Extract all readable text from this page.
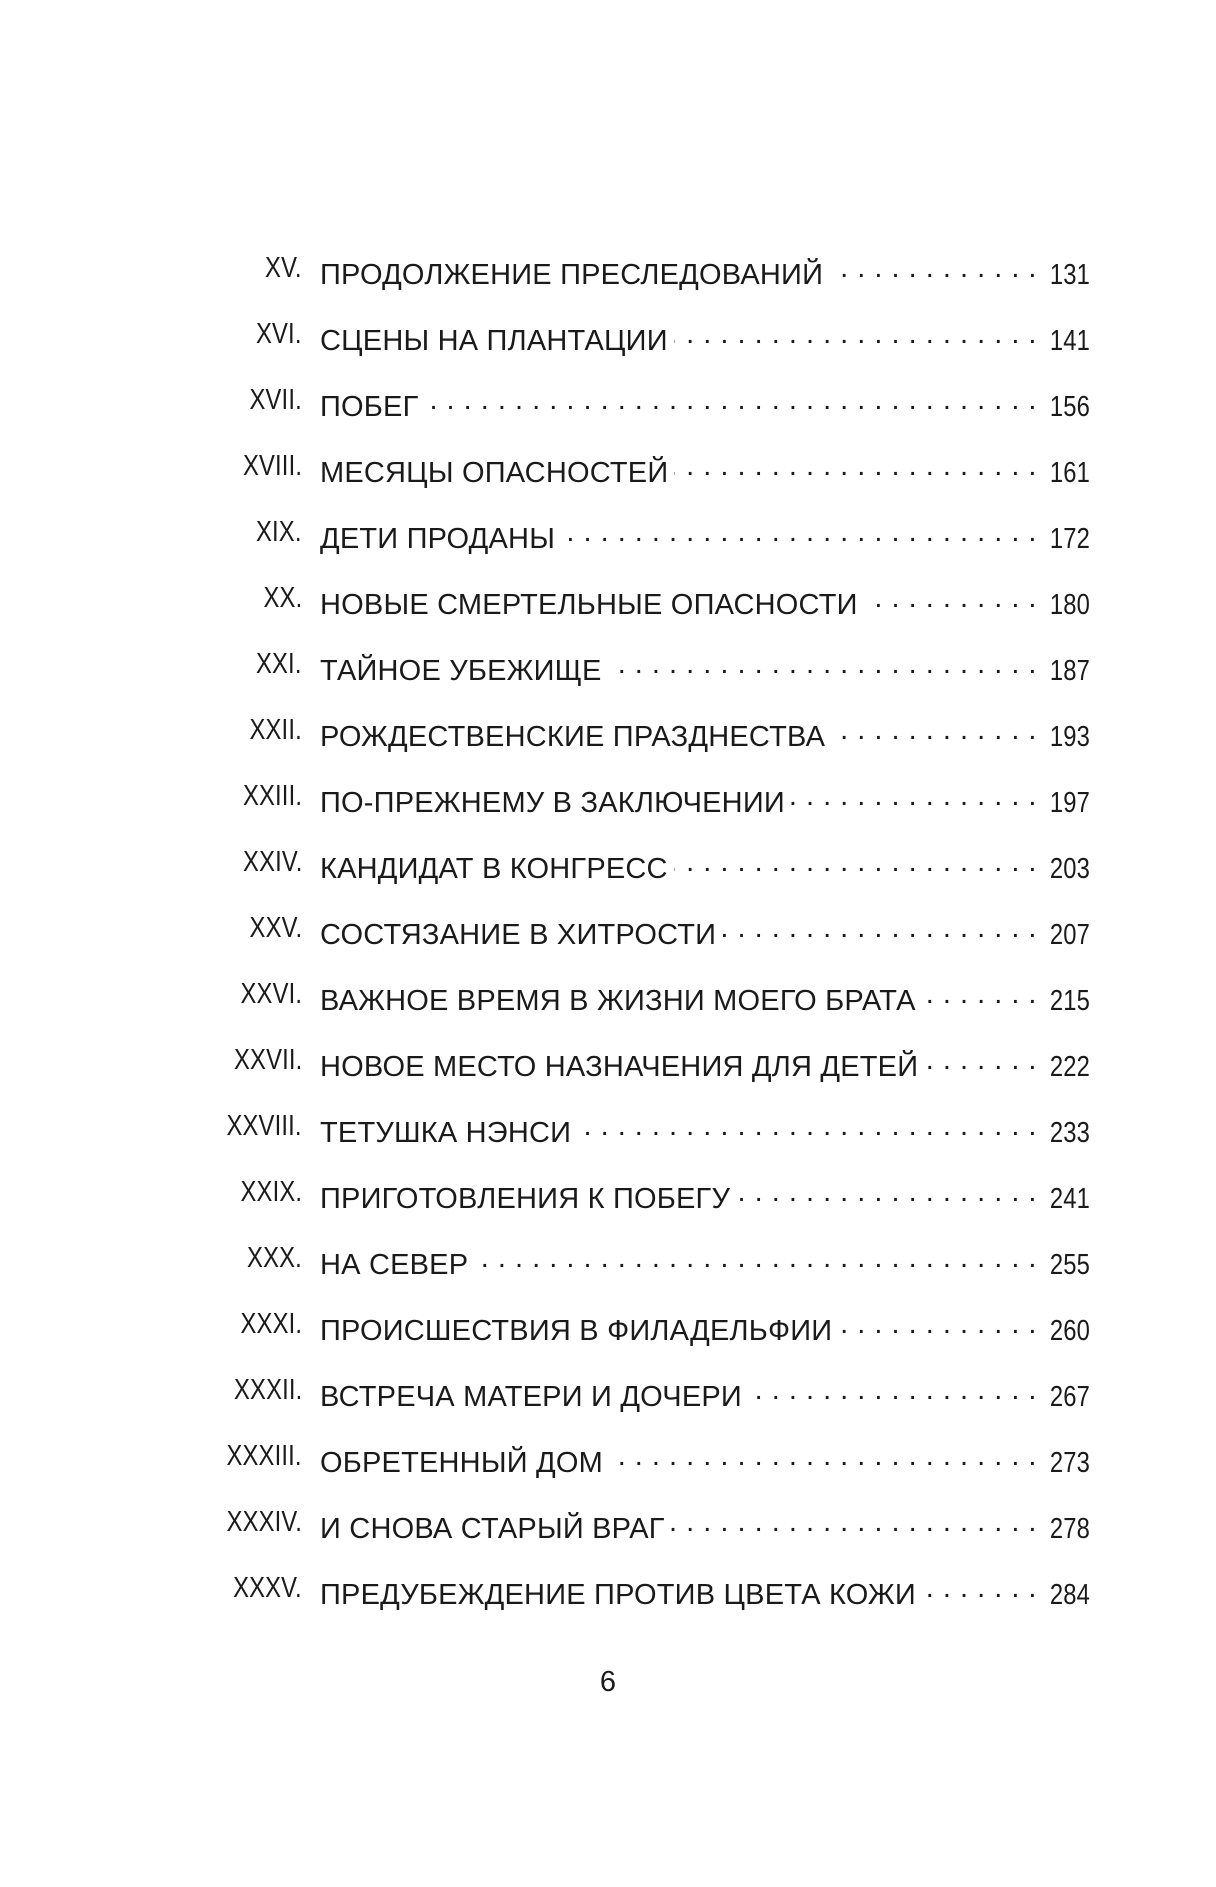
XV. ПРОДОЛЖЕНИЕ ПРЕСЛЕДОВАНИЙ . . .	131
XVI. СЦЕНЫ НА ПЛАНТАЦИИ . . .	141
XVII. ПОБЕГ . . .	156
XVIII. МЕСЯЦЫ ОПАСНОСТЕЙ . . .	161
XIX. ДЕТИ ПРОДАНЫ . . .	172
XX. НОВЫЕ СМЕРТЕЛЬНЫЕ ОПАСНОСТИ . . .	180
XXI. ТАЙНОЕ УБЕЖИЩЕ . . .	187
XXII. РОЖДЕСТВЕНСКИЕ ПРАЗДНЕСТВА . . .	193
XXIII. ПО-ПРЕЖНЕМУ В ЗАКЛЮЧЕНИИ . . .	197
XXIV. КАНДИДАТ В КОНГРЕСС . . .	203
XXV. СОСТЯЗАНИЕ В ХИТРОСТИ . . .	207
XXVI. ВАЖНОЕ ВРЕМЯ В ЖИЗНИ МОЕГО БРАТА . . .	215
XXVII. НОВОЕ МЕСТО НАЗНАЧЕНИЯ ДЛЯ ДЕТЕЙ . . .	222
XXVIII. ТЕТУШКА НЭНСИ . . .	233
XXIX. ПРИГОТОВЛЕНИЯ К ПОБЕГУ . . .	241
XXX. НА СЕВЕР . . .	255
XXXI. ПРОИСШЕСТВИЯ В ФИЛАДЕЛЬФИИ . . .	260
XXXII. ВСТРЕЧА МАТЕРИ И ДОЧЕРИ . . .	267
XXXIII. ОБРЕТЕННЫЙ ДОМ . . .	273
XXXIV. И СНОВА СТАРЫЙ ВРАГ . . .	278
XXXV. ПРЕДУБЕЖДЕНИЕ ПРОТИВ ЦВЕТА КОЖИ . . .	284
6
